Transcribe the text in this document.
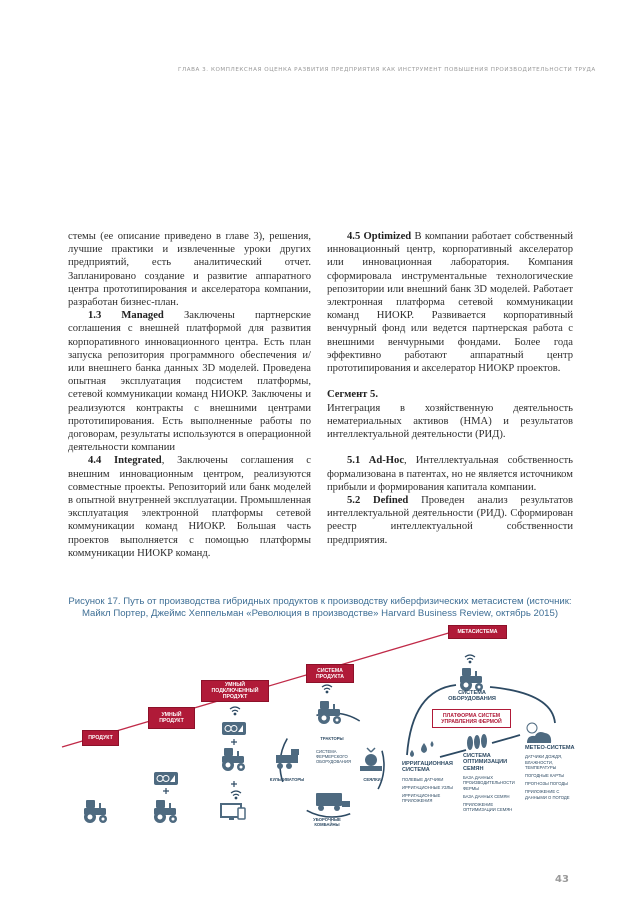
ГЛАВА 3. КОМПЛЕКСНАЯ ОЦЕНКА РАЗВИТИЯ ПРЕДПРИЯТИЯ КАК ИНСТРУМЕНТ ПОВЫШЕНИЯ ПРОИЗВОДИТЕЛЬНОСТИ ТРУДА

стемы (ее описание приведено в главе 3), решения, лучшие практики и извлеченные уроки других предприятий, есть аналитический отчет. Запланировано создание и развитие аппаратного центра прототипирования и акселератора компании, разработан бизнес-план.

1.3 Managed Заключены партнерские соглашения с внешней платформой для развития корпоративного инновационного центра. Есть план запуска репозитория программного обеспечения и/или внешнего банка данных 3D моделей. Проведена опытная эксплуатация подсистем платформы, сетевой коммуникации команд НИОКР. Заключены и реализуются контракты с внешними центрами прототипирования. Есть выполненные работы по договорам, результаты используются в операционной деятельности компании

4.4 Integrated, Заключены соглашения с внешним инновационным центром, реализуются совместные проекты. Репозиторий или банк моделей в опытной внутренней эксплуатации. Промышленная эксплуатация электронной платформы сетевой коммуникации команд НИОКР. Большая часть проектов выполняется с помощью платформы коммуникации НИОКР команд.

4.5 Optimized В компании работает собственный инновационный центр, корпоративный акселератор или инновационная лаборатория. Компания сформировала инструментальные технологические репозитории или внешний банк 3D моделей. Работает электронная платформа сетевой коммуникации команд НИОКР. Развивается корпоративный венчурный фонд или ведется партнерская работа с внешними венчурными фондами. Более года эффективно работают аппаратный центр прототипирования и акселератор НИОКР проектов.

Сегмент 5.

Интеграция в хозяйственную деятельность нематериальных активов (НМА) и результатов интеллектуальной деятельности (РИД).

5.1 Ad-Hoc, Интеллектуальная собственность формализована в патентах, но не является источником прибыли и формирования капитала компании.

5.2 Defined Проведен анализ результатов интеллектуальной деятельности (РИД). Сформирован реестр интеллектуальной собственности предприятия.

Рисунок 17. Путь от производства гибридных продуктов к производству киберфизических метасистем (источник:
Майкл Портер, Джеймс Хеппельман «Революция в производстве» Harvard Business Review, октябрь 2015)
ПРОДУКТ
УМНЫЙ ПРОДУКТ
УМНЫЙ ПОДКЛЮЧЕННЫЙ ПРОДУКТ
СИСТЕМА ПРОДУКТА
МЕТАСИСТЕМА
ТРАКТОРЫ
СИСТЕМА ФЕРМЕРСКОГО ОБОРУДОВАНИЯ
КУЛЬТИВАТОРЫ	СЕЯЛКИ
УБОРОЧНЫЕ КОМБАЙНЫ
СИСТЕМА ОБОРУДОВАНИЯ
ПЛАТФОРМА СИСТЕМ УПРАВЛЕНИЯ ФЕРМОЙ
ИРРИГАЦИОННАЯ СИСТЕМА
ПОЛЕВЫЕ ДАТЧИКИ
ИРРИГАЦИОННЫЕ УЗЛЫ
ИРРИГАЦИОННЫЕ ПРИЛОЖЕНИЯ
СИСТЕМА ОПТИМИЗАЦИИ СЕМЯН
БАЗА ДАННЫХ ПРОИЗВОДИТЕЛЬНОСТИ ФЕРМЫ
БАЗА ДАННЫХ СЕМЯН
ПРИЛОЖЕНИЕ ОПТИМИЗАЦИИ СЕМЯН
МЕТЕО-СИСТЕМА
ДАТЧИКИ ДОЖДЯ, ВЛАЖНОСТИ, ТЕМПЕРАТУРЫ
ПОГОДНЫЕ КАРТЫ
ПРОГНОЗЫ ПОГОДЫ
ПРИЛОЖЕНИЕ С ДАННЫМИ О ПОГОДЕ
43
